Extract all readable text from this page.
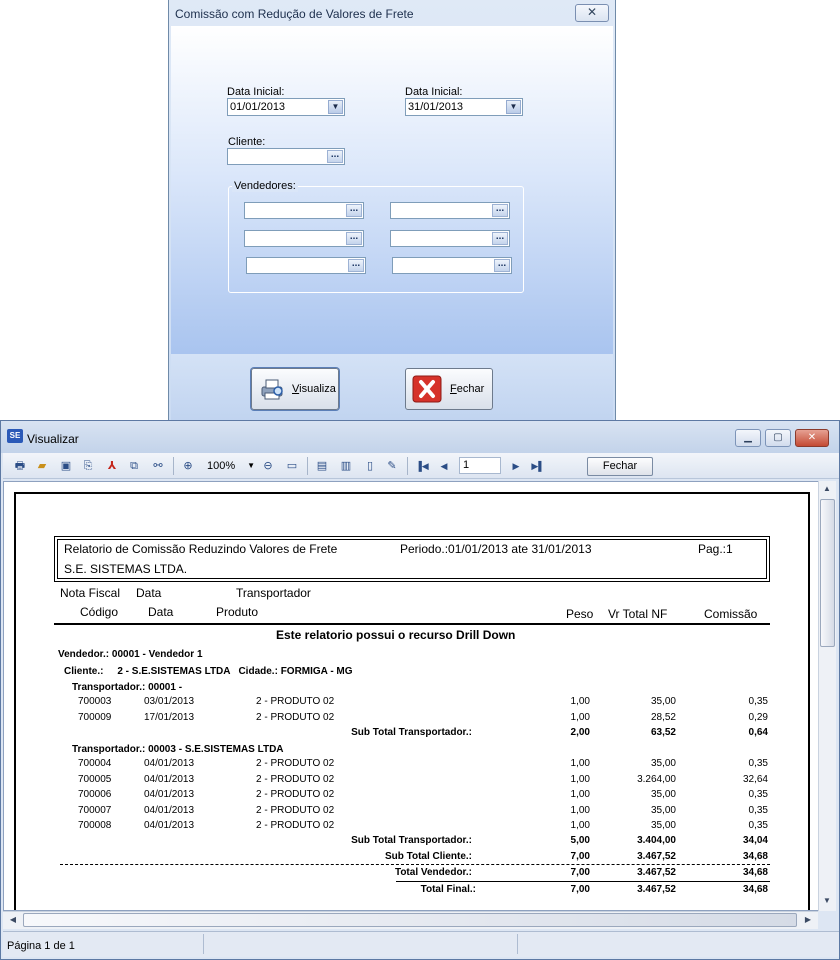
Comissão com Redução de Valores de Frete	✕
Data Inicial:
01/01/2013	▼
Data Inicial:
31/01/2013	▼
Cliente:
...
Vendedores:
...	...
...	...
...	...
Visualiza	Fechar
SE Visualizar	▁	▢	✕
🖶	▰	▣	⎘	⅄	⧉	⚯	⊕	100% ▼ ⊖	▭	▤	▥	▯	✎	▐◀	◀	1	▶	▶▌	Fechar
Relatorio de Comissão Reduzindo Valores de Frete	Periodo.:01/01/2013 ate 31/01/2013	Pag.:1
S.E. SISTEMAS LTDA.
Nota Fiscal Data	Transportador
Código Data	Produto	Peso Vr Total NF	Comissão
Este relatorio possui o recurso Drill Down
Vendedor.: 00001 - Vendedor 1
Cliente.:     2 - S.E.SISTEMAS LTDA   Cidade.: FORMIGA - MG
Transportador.: 00001 -
700003	03/01/2013	2 - PRODUTO 02	1,00	35,00	0,35
700009	17/01/2013	2 - PRODUTO 02	1,00	28,52	0,29
Sub Total Transportador.:	2,00	63,52	0,64
Transportador.: 00003 - S.E.SISTEMAS LTDA
700004	04/01/2013	2 - PRODUTO 02	1,00	35,00	0,35
700005	04/01/2013	2 - PRODUTO 02	1,00	3.264,00	32,64
700006	04/01/2013	2 - PRODUTO 02	1,00	35,00	0,35
700007	04/01/2013	2 - PRODUTO 02	1,00	35,00	0,35
700008	04/01/2013	2 - PRODUTO 02	1,00	35,00	0,35
Sub Total Transportador.:	5,00	3.404,00	34,04
Sub Total Cliente.:	7,00	3.467,52	34,68
Total Vendedor.:	7,00	3.467,52	34,68
Total Final.:	7,00	3.467,52	34,68
▲
▼
◀	▶
Página 1 de 1
